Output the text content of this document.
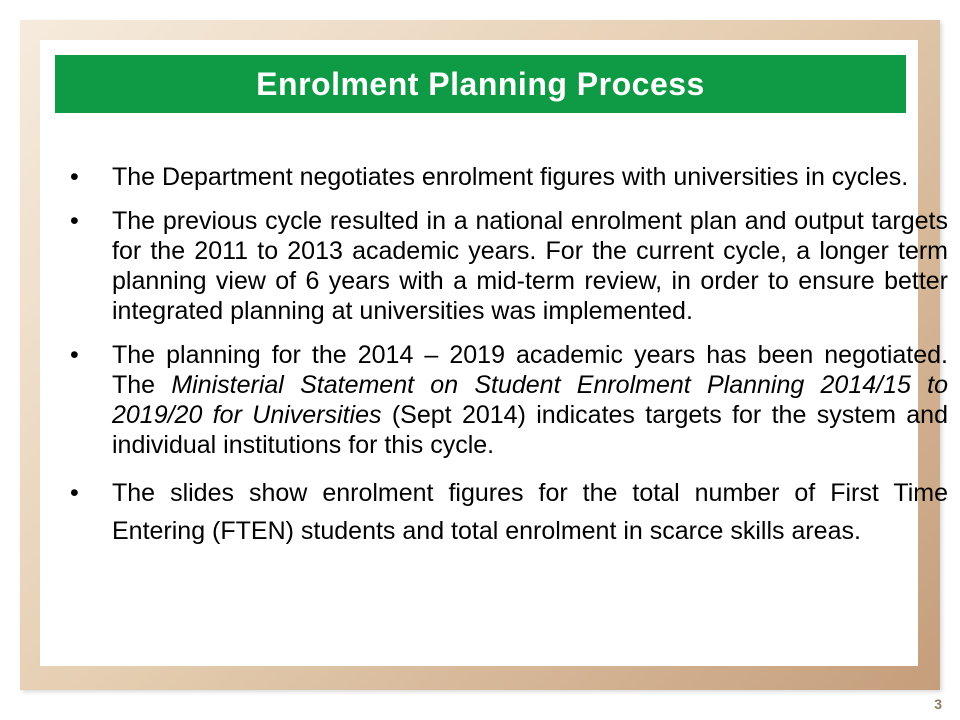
• The Department negotiates enrolment figures with universities in cycles.
• The previous cycle resulted in a national enrolment plan and output targets for the 2011 to 2013 academic years. For the current cycle, a longer term planning view of 6 years with a mid-term review, in order to ensure better integrated planning at universities was implemented.
• The planning for the 2014 – 2019 academic years has been negotiated. The Ministerial Statement on Student Enrolment Planning 2014/15 to 2019/20 for Universities (Sept 2014) indicates targets for the system and individual institutions for this cycle.
• The slides show enrolment figures for the total number of First Time Entering (FTEN) students and total enrolment in scarce skills areas.
Enrolment Planning Process
3
